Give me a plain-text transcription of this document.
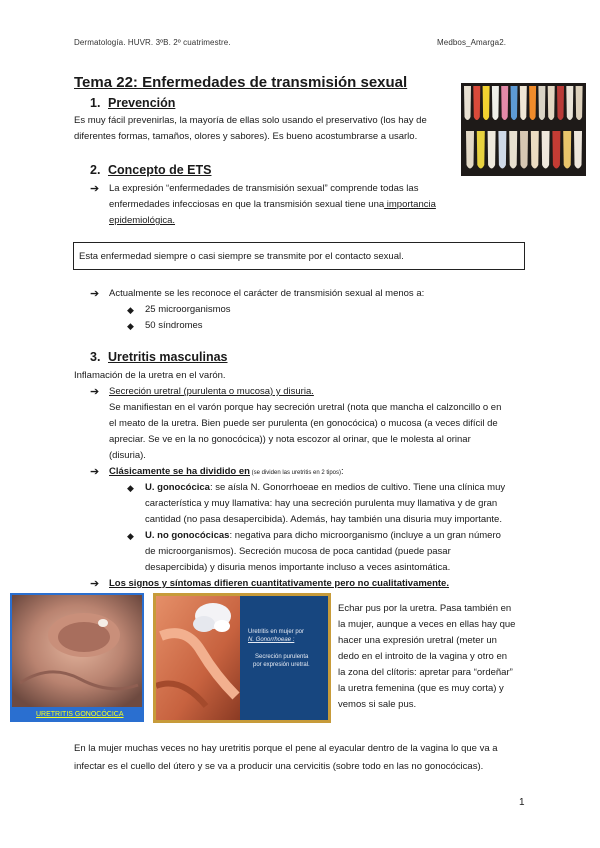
Dermatología. HUVR. 3ºB. 2º cuatrimestre.	Medbos_Amarga2.
Tema 22: Enfermedades de transmisión sexual
1. Prevención
Es muy fácil prevenirlas, la mayoría de ellas solo usando el preservativo (los hay de
diferentes formas, tamaños, olores y sabores). Es bueno acostumbrarse a usarlo.
2. Concepto de ETS
➔ La expresión “enfermedades de transmisión sexual” comprende todas las
enfermedades infecciosas en que la transmisión sexual tiene una importancia
epidemiológica.
Esta enfermedad siempre o casi siempre se transmite por el contacto sexual.
➔ Actualmente se les reconoce el carácter de transmisión sexual al menos a:
◆ 25 microorganismos
◆ 50 síndromes
3. Uretritis masculinas
Inflamación de la uretra en el varón.
➔ Secreción uretral (purulenta o mucosa) y disuria.
Se manifiestan en el varón porque hay secreción uretral (nota que mancha el calzoncillo o en
el meato de la uretra. Bien puede ser purulenta (en gonocócica) o mucosa (a veces difícil de
apreciar. Se ve en la no gonocócica)) y nota escozor al orinar, que le molesta al orinar
(disuria).
➔ Clásicamente se ha dividido en (se dividen las uretritis en 2 tipos):
◆ U. gonocócica: se aísla N. Gonorrhoeae en medios de cultivo. Tiene una clínica muy
característica y muy llamativa: hay una secreción purulenta muy llamativa y de gran
cantidad (no pasa desapercibida). Además, hay también una disuria muy importante.
◆ U. no gonocócicas: negativa para dicho microorganismo (incluye a un gran número
de microorganismos). Secreción mucosa de poca cantidad (puede pasar
desapercibida) y disuria menos importante incluso a veces asintomática.
➔ Los signos y síntomas difieren cuantitativamente pero no cualitativamente.
URETRITIS GONOCÓCICA
Uretritis en mujer por
N. Gonorrhoeae :
Secreción purulenta
por expresión uretral.
Echar pus por la uretra. Pasa también en
la mujer, aunque a veces en ellas hay que
hacer una expresión uretral (meter un
dedo en el introito de la vagina y otro en
la zona del clítoris: apretar para “ordeñar”
la uretra femenina (que es muy corta) y
vemos si sale pus.
En la mujer muchas veces no hay uretritis porque el pene al eyacular dentro de la vagina lo que va a
infectar es el cuello del útero y se va a producir una cervicitis (sobre todo en las no gonocócicas).
1
